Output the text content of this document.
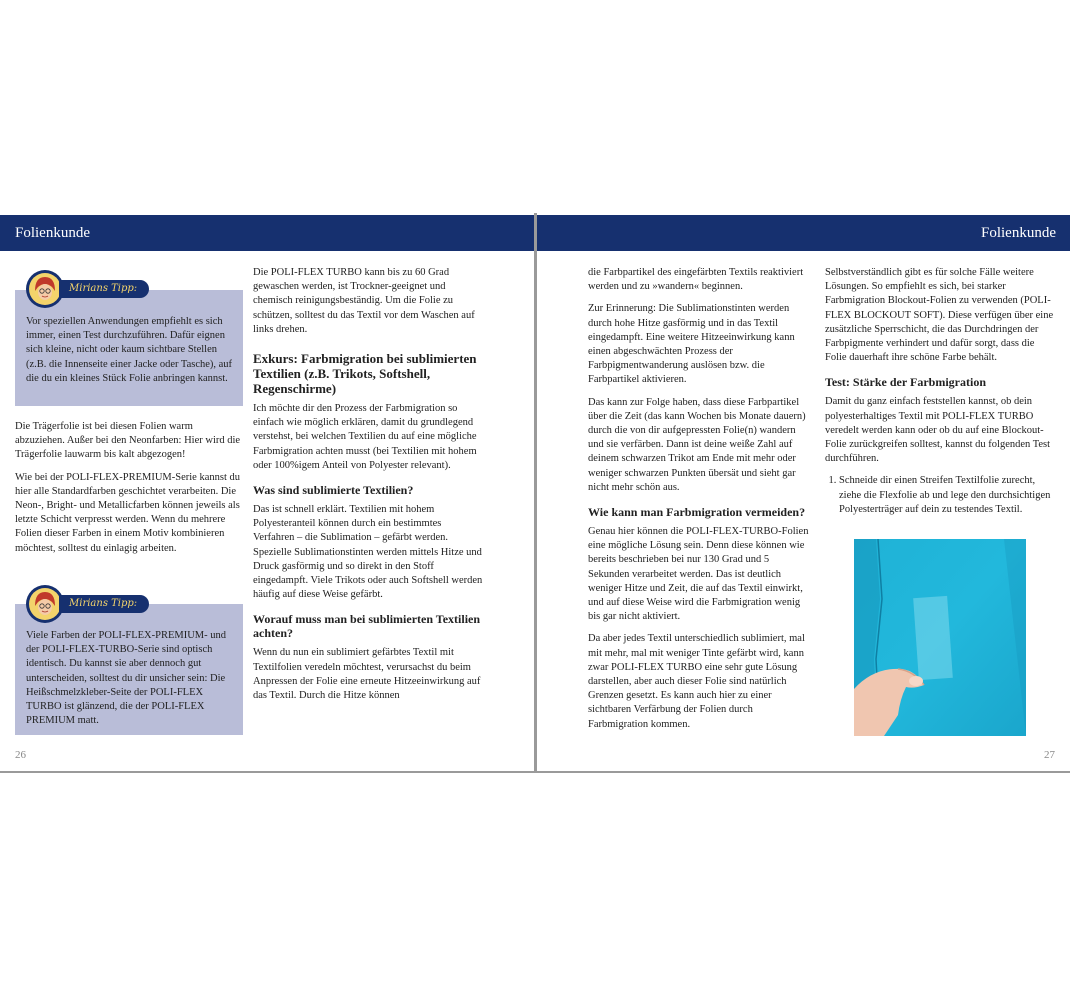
Folienkunde
Vor speziellen Anwendungen empfiehlt es sich immer, einen Test durchzuführen. Dafür eignen sich kleine, nicht oder kaum sichtbare Stellen (z.B. die Innenseite einer Jacke oder Tasche), auf die du ein kleines Stück Folie anbringen kannst.
Mirians Tipp:

Die Trägerfolie ist bei diesen Folien warm abzuziehen. Außer bei den Neonfarben: Hier wird die Trägerfolie lauwarm bis kalt abgezogen!

Wie bei der POLI-FLEX-PREMIUM-Serie kannst du hier alle Standardfarben geschichtet verarbeiten. Die Neon-, Bright- und Metallicfarben können jeweils als letzte Schicht verpresst werden. Wenn du mehrere Folien dieser Farben in einem Motiv kombinieren möchtest, solltest du einlagig arbeiten.

Viele Farben der POLI-FLEX-PREMIUM- und der POLI-FLEX-TURBO-Serie sind optisch identisch. Du kannst sie aber dennoch gut unterscheiden, solltest du dir unsicher sein: Die Heißschmelzkleber-Seite der POLI-FLEX TURBO ist glänzend, die der POLI-FLEX PREMIUM matt.
Mirians Tipp:

Die POLI-FLEX TURBO kann bis zu 60 Grad gewaschen werden, ist Trockner-geeignet und chemisch reinigungsbeständig. Um die Folie zu schützen, solltest du das Textil vor dem Waschen auf links drehen.

Exkurs: Farbmigration bei sublimierten Textilien (z.B. Trikots, Softshell, Regenschirme)

Ich möchte dir den Prozess der Farbmigration so einfach wie möglich erklären, damit du grundlegend verstehst, bei welchen Textilien du auf eine mögliche Farbmigration achten musst (bei Textilien mit hohem oder 100%igem Anteil von Polyester relevant).

Was sind sublimierte Textilien?

Das ist schnell erklärt. Textilien mit hohem Polyesteranteil können durch ein bestimmtes Verfahren – die Sublimation – gefärbt werden. Spezielle Sublimationstinten werden mittels Hitze und Druck gasförmig und so direkt in den Stoff eingedampft. Viele Trikots oder auch Softshell werden häufig auf diese Weise gefärbt.

Worauf muss man bei sublimierten Textilien achten?

Wenn du nun ein sublimiert gefärbtes Textil mit Textilfolien veredeln möchtest, verursachst du beim Anpressen der Folie eine erneute Hitzeeinwirkung auf das Textil. Durch die Hitze können

26
Folienkunde

die Farbpartikel des eingefärbten Textils reaktiviert werden und zu »wandern« beginnen.

Zur Erinnerung: Die Sublimationstinten werden durch hohe Hitze gasförmig und in das Textil eingedampft. Eine weitere Hitzeeinwirkung kann einen abgeschwächten Prozess der Farbpigmentwanderung auslösen bzw. die Farbpartikel aktivieren.

Das kann zur Folge haben, dass diese Farbpartikel über die Zeit (das kann Wochen bis Monate dauern) durch die von dir aufgepressten Folie(n) wandern und sie verfärben. Dann ist deine weiße Zahl auf deinem schwarzen Trikot am Ende mit mehr oder weniger schwarzen Punkten übersät und sieht gar nicht mehr schön aus.

Wie kann man Farbmigration vermeiden?

Genau hier können die POLI-FLEX-TURBO-Folien eine mögliche Lösung sein. Denn diese können wie bereits beschrieben bei nur 130 Grad und 5 Sekunden verarbeitet werden. Das ist deutlich weniger Hitze und Zeit, die auf das Textil einwirkt, und auf diese Weise wird die Farbmigration wenig bis gar nicht aktiviert.

Da aber jedes Textil unterschiedlich sublimiert, mal mit mehr, mal mit weniger Tinte gefärbt wird, kann zwar POLI-FLEX TURBO eine sehr gute Lösung darstellen, aber auch dieser Folie sind natürlich Grenzen gesetzt. Es kann auch hier zu einer sichtbaren Verfärbung der Folien durch Farbmigration kommen.

Selbstverständlich gibt es für solche Fälle weitere Lösungen. So empfiehlt es sich, bei starker Farbmigration Blockout-Folien zu verwenden (POLI-FLEX BLOCKOUT SOFT). Diese verfügen über eine zusätzliche Sperrschicht, die das Durchdringen der Farbpigmente verhindert und dafür sorgt, dass die Folie dauerhaft ihre schöne Farbe behält.

Test: Stärke der Farbmigration

Damit du ganz einfach feststellen kannst, ob dein polyesterhaltiges Textil mit POLI-FLEX TURBO veredelt werden kann oder ob du auf eine Blockout-Folie zurückgreifen solltest, kannst du folgenden Test durchführen.

1. Schneide dir einen Streifen Textilfolie zurecht, ziehe die Flexfolie ab und lege den durchsichtigen Polyesterträger auf dein zu testendes Textil.
27
